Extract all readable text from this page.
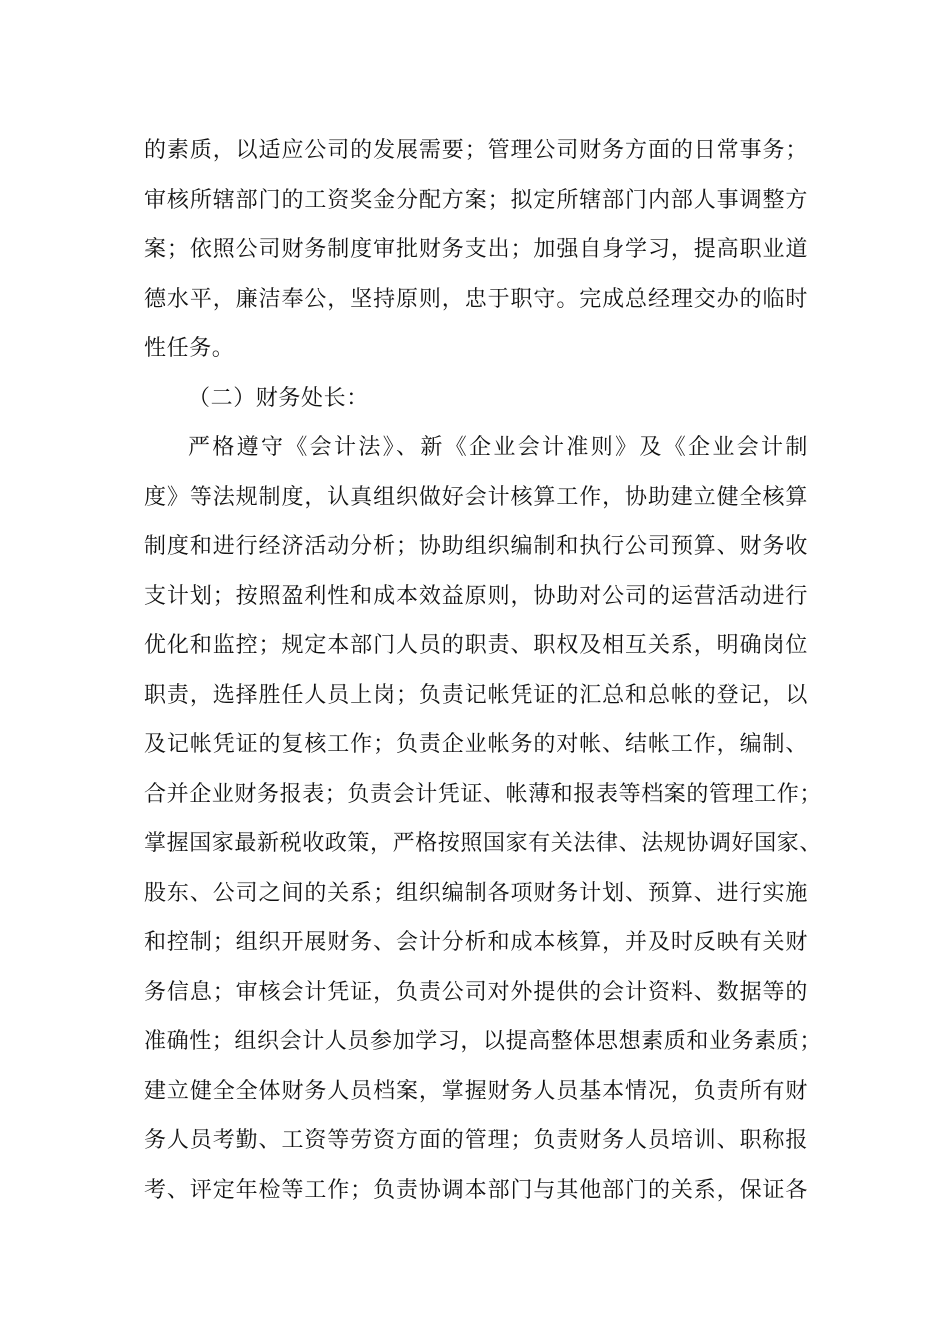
的素质，以适应公司的发展需要；管理公司财务方面的日常事务；
审核所辖部门的工资奖金分配方案；拟定所辖部门内部人事调整方
案；依照公司财务制度审批财务支出；加强自身学习，提高职业道
德水平，廉洁奉公，坚持原则，忠于职守。完成总经理交办的临时
性任务。
（二）财务处长：
严格遵守《会计法》、新《企业会计准则》及《企业会计制
度》等法规制度，认真组织做好会计核算工作，协助建立健全核算
制度和进行经济活动分析；协助组织编制和执行公司预算、财务收
支计划；按照盈利性和成本效益原则，协助对公司的运营活动进行
优化和监控；规定本部门人员的职责、职权及相互关系，明确岗位
职责，选择胜任人员上岗；负责记帐凭证的汇总和总帐的登记，以
及记帐凭证的复核工作；负责企业帐务的对帐、结帐工作，编制、
合并企业财务报表；负责会计凭证、帐薄和报表等档案的管理工作；
掌握国家最新税收政策，严格按照国家有关法律、法规协调好国家、
股东、公司之间的关系；组织编制各项财务计划、预算、进行实施
和控制；组织开展财务、会计分析和成本核算，并及时反映有关财
务信息；审核会计凭证，负责公司对外提供的会计资料、数据等的
准确性；组织会计人员参加学习，以提高整体思想素质和业务素质；
建立健全全体财务人员档案，掌握财务人员基本情况，负责所有财
务人员考勤、工资等劳资方面的管理；负责财务人员培训、职称报
考、评定年检等工作；负责协调本部门与其他部门的关系，保证各
